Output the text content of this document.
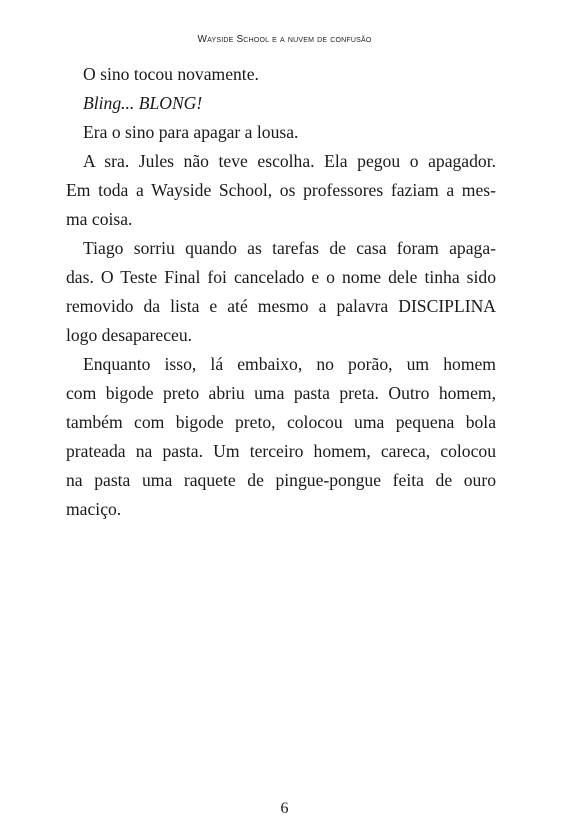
Wayside School e a nuvem de confusão

O sino tocou novamente.

Bling... BLONG!

Era o sino para apagar a lousa.

A sra. Jules não teve escolha. Ela pegou o apagador.
Em toda a Wayside School, os professores faziam a mes-
ma coisa.

Tiago sorriu quando as tarefas de casa foram apaga-
das. O Teste Final foi cancelado e o nome dele tinha sido
removido da lista e até mesmo a palavra DISCIPLINA
logo desapareceu.

Enquanto isso, lá embaixo, no porão, um homem
com bigode preto abriu uma pasta preta. Outro homem,
também com bigode preto, colocou uma pequena bola
prateada na pasta. Um terceiro homem, careca, colocou
na pasta uma raquete de pingue-pongue feita de ouro
maciço.

6
